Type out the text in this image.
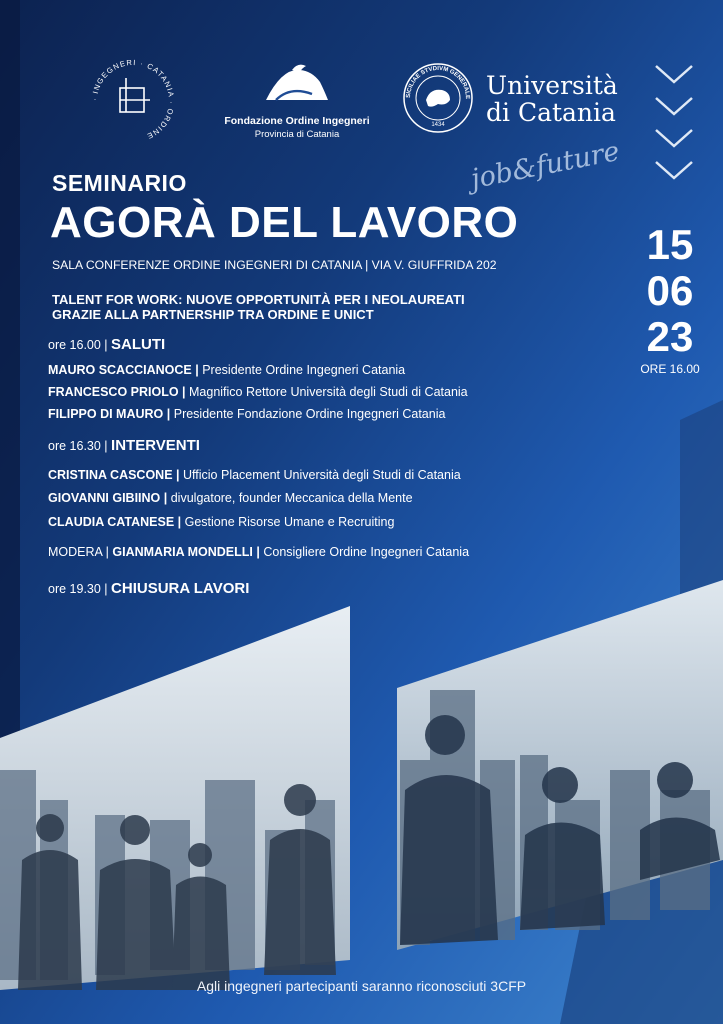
· INGEGNERI · CATANIA · ORDINE
Fondazione Ordine Ingegneri
Provincia di Catania
SICILIAE STVDIVM GENERALE
1434
Università
di Catania
SEMINARIO	job&future
AGORÀ DEL LAVORO
SALA CONFERENZE ORDINE INGEGNERI DI CATANIA | VIA V. GIUFFRIDA 202	15
06
23
ORE 16.00
TALENT FOR WORK: NUOVE OPPORTUNITÀ PER I NEOLAUREATI
GRAZIE ALLA PARTNERSHIP TRA ORDINE E UNICT
ore 16.00 | SALUTI
MAURO SCACCIANOCE | Presidente Ordine Ingegneri Catania
FRANCESCO PRIOLO | Magnifico Rettore Università degli Studi di Catania
FILIPPO DI MAURO | Presidente Fondazione Ordine Ingegneri Catania
ore 16.30 | INTERVENTI
CRISTINA CASCONE | Ufficio Placement Università degli Studi di Catania
GIOVANNI GIBIINO | divulgatore, founder Meccanica della Mente
CLAUDIA CATANESE | Gestione Risorse Umane e Recruiting
MODERA | GIANMARIA MONDELLI | Consigliere Ordine Ingegneri Catania
ore 19.30 | CHIUSURA LAVORI
Agli ingegneri partecipanti saranno riconosciuti 3CFP
